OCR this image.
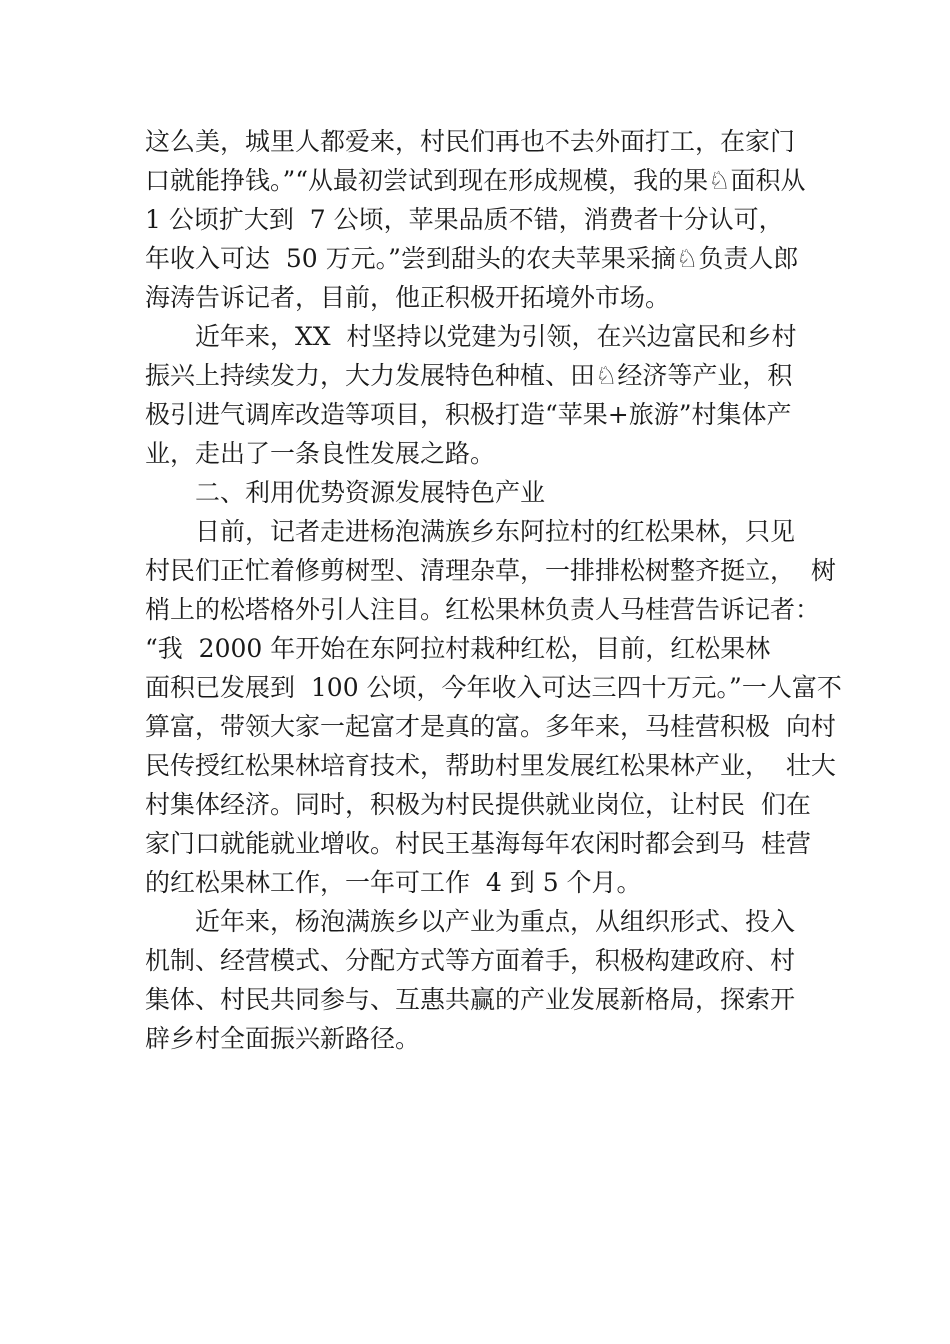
这么美，城里人都爱来，村民们再也不去外面打工，在家门
口就能挣钱。”“从最初尝试到现在形成规模，我的果♘面积从
1 公顷扩大到  7 公顷，苹果品质不错，消费者十分认可，
年收入可达  50 万元。”尝到甜头的农夫苹果采摘♘负责人郎
海涛告诉记者，目前，他正积极开拓境外市场。
近年来，XX  村坚持以党建为引领，在兴边富民和乡村
振兴上持续发力，大力发展特色种植、田♘经济等产业，积
极引进气调库改造等项目，积极打造“苹果+旅游”村集体产
业，走出了一条良性发展之路。
二、利用优势资源发展特色产业
日前，记者走进杨泡满族乡东阿拉村的红松果林，只见
村民们正忙着修剪树型、清理杂草，一排排松树整齐挺立，  树
梢上的松塔格外引人注目。红松果林负责人马桂营告诉记者：
“我  2000 年开始在东阿拉村栽种红松，目前，红松果林
面积已发展到  100 公顷，今年收入可达三四十万元。”一人富不
算富，带领大家一起富才是真的富。多年来，马桂营积极  向村
民传授红松果林培育技术，帮助村里发展红松果林产业，  壮大
村集体经济。同时，积极为村民提供就业岗位，让村民  们在
家门口就能就业增收。村民王基海每年农闲时都会到马  桂营
的红松果林工作，一年可工作  4 到 5 个月。
近年来，杨泡满族乡以产业为重点，从组织形式、投入
机制、经营模式、分配方式等方面着手，积极构建政府、村
集体、村民共同参与、互惠共赢的产业发展新格局，探索开
辟乡村全面振兴新路径。
